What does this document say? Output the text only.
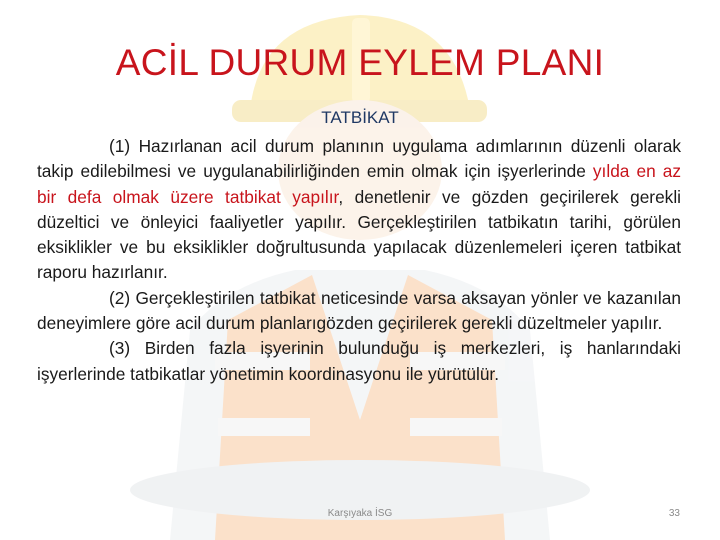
ACİL DURUM EYLEM PLANI
TATBİKAT

(1) Hazırlanan acil durum planının uygulama adımlarının düzenli olarak takip edilebilmesi ve uygulanabilirliğinden emin olmak için işyerlerinde yılda en az bir defa olmak üzere tatbikat yapılır, denetlenir ve gözden geçirilerek gerekli düzeltici ve önleyici faaliyetler yapılır. Gerçekleştirilen tatbikatın tarihi, görülen eksiklikler ve bu eksiklikler doğrultusunda yapılacak düzenlemeleri içeren tatbikat raporu hazırlanır.

(2) Gerçekleştirilen tatbikat neticesinde varsa aksayan yönler ve kazanılan deneyimlere göre acil durum planlarıgözden geçirilerek gerekli düzeltmeler yapılır.

(3) Birden fazla işyerinin bulunduğu iş merkezleri, iş hanlarındaki işyerlerinde tatbikatlar yönetimin koordinasyonu ile yürütülür.

Karşıyaka İSG	33
